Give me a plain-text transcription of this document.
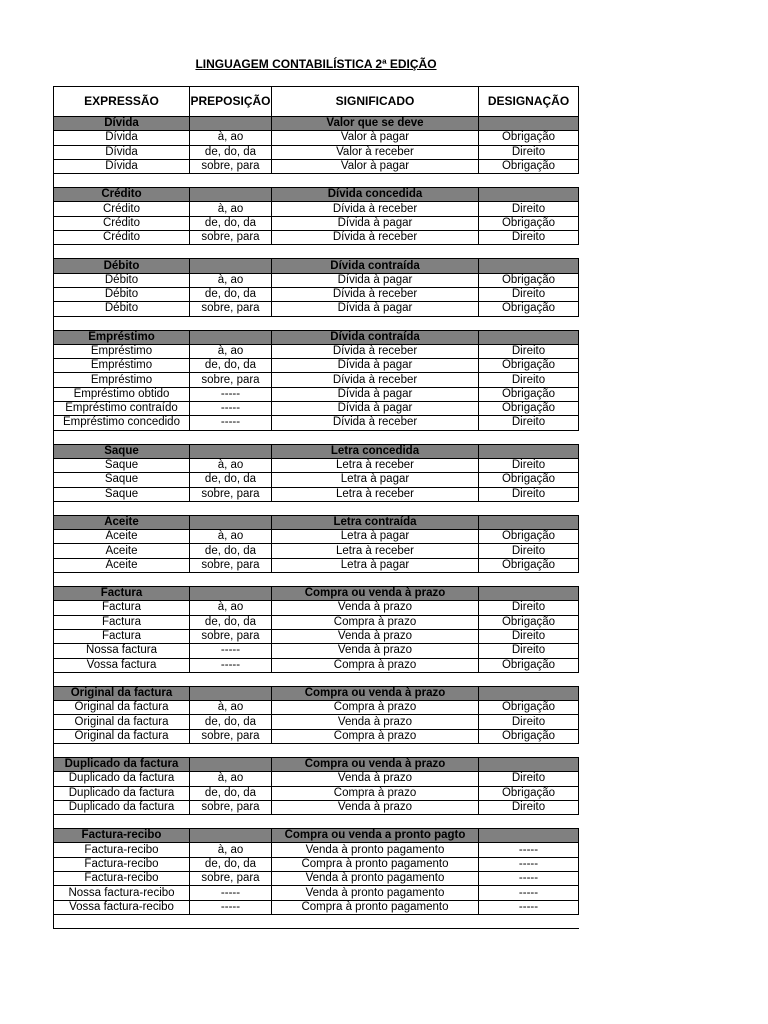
LINGUAGEM CONTABILÍSTICA 2ª EDIÇÃO
EXPRESSÃO	PREPOSIÇÃO	SIGNIFICADO	DESIGNAÇÃO
Dívida		Valor que se deve	
Dívida	à, ao	Valor à pagar	Obrigação
Dívida	de, do, da	Valor à receber	Direito
Dívida	sobre, para	Valor à pagar	Obrigação

Crédito		Dívida concedida	
Crédito	à, ao	Dívida à receber	Direito
Crédito	de, do, da	Dívida à pagar	Obrigação
Crédito	sobre, para	Dívida à receber	Direito

Débito		Dívida contraída	
Débito	à, ao	Dívida à pagar	Obrigação
Débito	de, do, da	Dívida à receber	Direito
Débito	sobre, para	Dívida à pagar	Obrigação

Empréstimo		Dívida contraída	
Empréstimo	à, ao	Dívida à receber	Direito
Empréstimo	de, do, da	Dívida à pagar	Obrigação
Empréstimo	sobre, para	Dívida à receber	Direito
Empréstimo obtido	-----	Dívida à pagar	Obrigação
Empréstimo contraído	-----	Dívida à pagar	Obrigação
Empréstimo concedido	-----	Dívida à receber	Direito

Saque		Letra concedida	
Saque	à, ao	Letra à receber	Direito
Saque	de, do, da	Letra à pagar	Obrigação
Saque	sobre, para	Letra à receber	Direito

Aceite		Letra contraída	
Aceite	à, ao	Letra à pagar	Obrigação
Aceite	de, do, da	Letra à receber	Direito
Aceite	sobre, para	Letra à pagar	Obrigação

Factura		Compra ou venda à prazo	
Factura	à, ao	Venda à prazo	Direito
Factura	de, do, da	Compra à prazo	Obrigação
Factura	sobre, para	Venda à prazo	Direito
Nossa factura	-----	Venda à prazo	Direito
Vossa factura	-----	Compra à prazo	Obrigação

Original da factura		Compra ou venda à prazo	
Original da factura	à, ao	Compra à prazo	Obrigação
Original da factura	de, do, da	Venda à prazo	Direito
Original da factura	sobre, para	Compra à prazo	Obrigação

Duplicado da factura		Compra ou venda à prazo	
Duplicado da factura	à, ao	Venda à prazo	Direito
Duplicado da factura	de, do, da	Compra à prazo	Obrigação
Duplicado da factura	sobre, para	Venda à prazo	Direito

Factura-recibo		Compra ou venda a pronto pagto	
Factura-recibo	à, ao	Venda à pronto pagamento	-----
Factura-recibo	de, do, da	Compra à pronto pagamento	-----
Factura-recibo	sobre, para	Venda à pronto pagamento	-----
Nossa factura-recibo	-----	Venda à pronto pagamento	-----
Vossa factura-recibo	-----	Compra à pronto pagamento	-----
